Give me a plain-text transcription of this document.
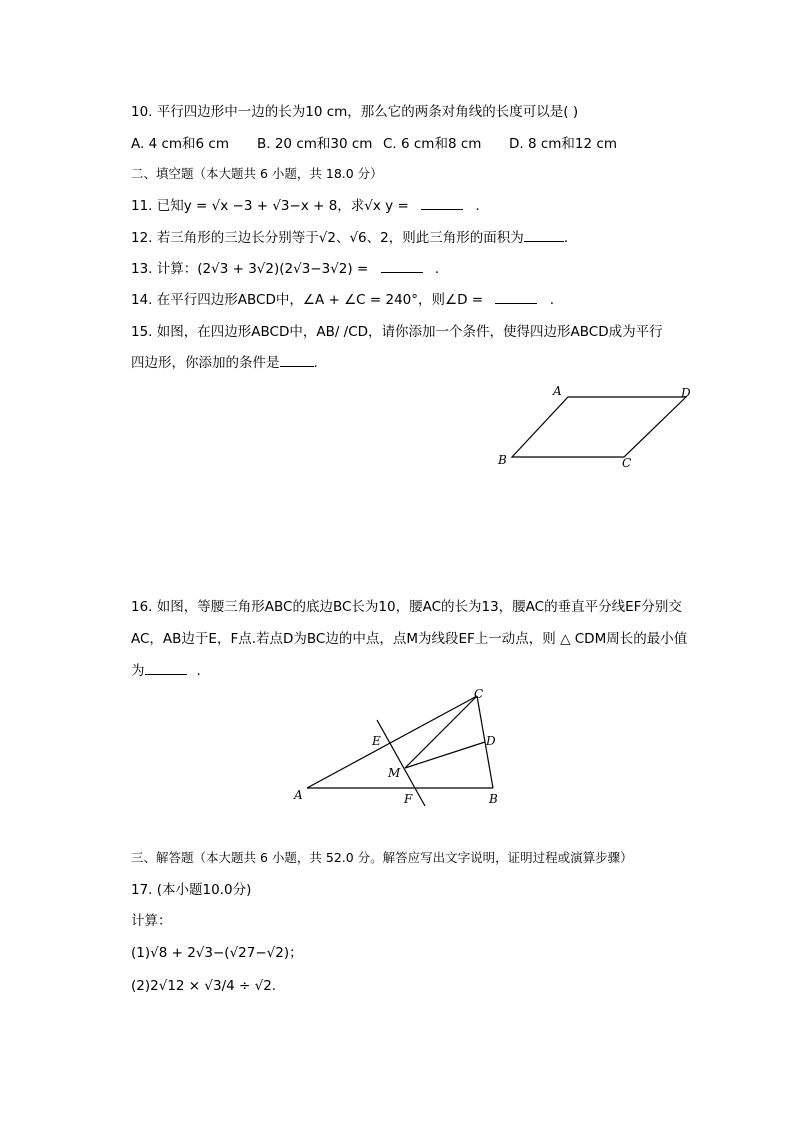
10. 平行四边形中一边的长为10 cm，那么它的两条对角线的长度可以是( )
A. 4 cm和6 cm B. 20 cm和30 cm C. 6 cm和8 cm D. 8 cm和12 cm
二、填空题（本大题共 6 小题，共 18.0 分）
11. 已知y = √x −3 + √3−x + 8，求√x y =	.
12. 若三角形的三边长分别等于√2、√6、2，则此三角形的面积为	.
13. 计算：(2√3 + 3√2)(2√3−3√2) =	.
14. 在平行四边形ABCD中，∠A + ∠C = 240°，则∠D =	.
15. 如图，在四边形ABCD中，AB/ /CD，请你添加一个条件，使得四边形ABCD成为平行
四边形，你添加的条件是	.
A	D
B	C
16. 如图，等腰三角形ABC的底边BC长为10，腰AC的长为13，腰AC的垂直平分线EF分别交
AC，AB边于E，F点.若点D为BC边的中点，点M为线段EF上一动点，则 △ CDM周长的最小值
为	.
C
E	D
M
A	F	B
三、解答题（本大题共 6 小题，共 52.0 分。解答应写出文字说明，证明过程或演算步骤）
17. (本小题10.0分)
计算：
(1)√8 + 2√3−(√27−√2)；
(2)2√12 × √3/4 ÷ √2.
